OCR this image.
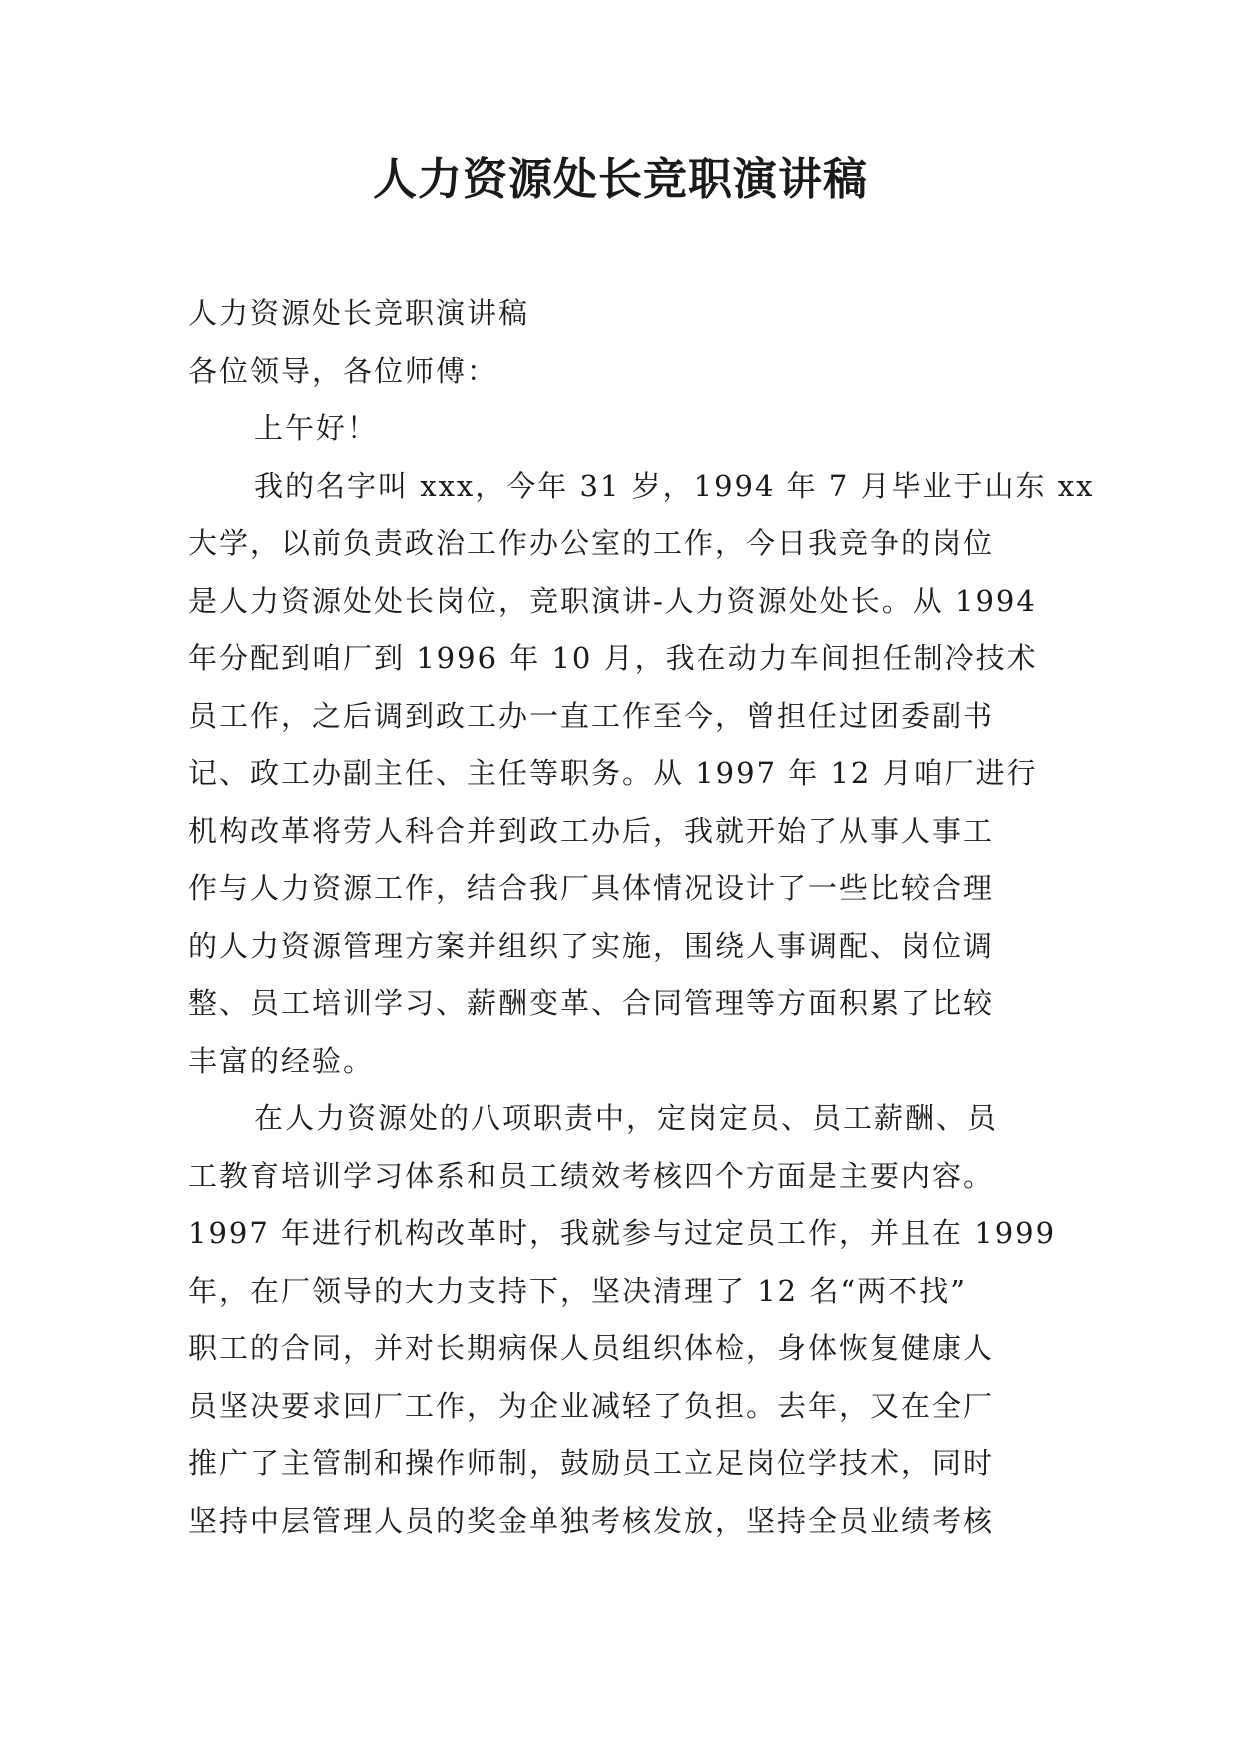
人力资源处长竞职演讲稿
人力资源处长竞职演讲稿
各位领导，各位师傅：
上午好！
我的名字叫 xxx，今年 31 岁，1994 年 7 月毕业于山东 xx
大学，以前负责政治工作办公室的工作，今日我竞争的岗位
是人力资源处处长岗位，竞职演讲-人力资源处处长。从 1994
年分配到咱厂到 1996 年 10 月，我在动力车间担任制冷技术
员工作，之后调到政工办一直工作至今，曾担任过团委副书
记、政工办副主任、主任等职务。从 1997 年 12 月咱厂进行
机构改革将劳人科合并到政工办后，我就开始了从事人事工
作与人力资源工作，结合我厂具体情况设计了一些比较合理
的人力资源管理方案并组织了实施，围绕人事调配、岗位调
整、员工培训学习、薪酬变革、合同管理等方面积累了比较
丰富的经验。
在人力资源处的八项职责中，定岗定员、员工薪酬、员
工教育培训学习体系和员工绩效考核四个方面是主要内容。
1997 年进行机构改革时，我就参与过定员工作，并且在 1999
年，在厂领导的大力支持下，坚决清理了 12 名“两不找”
职工的合同，并对长期病保人员组织体检，身体恢复健康人
员坚决要求回厂工作，为企业减轻了负担。去年，又在全厂
推广了主管制和操作师制，鼓励员工立足岗位学技术，同时
坚持中层管理人员的奖金单独考核发放，坚持全员业绩考核
